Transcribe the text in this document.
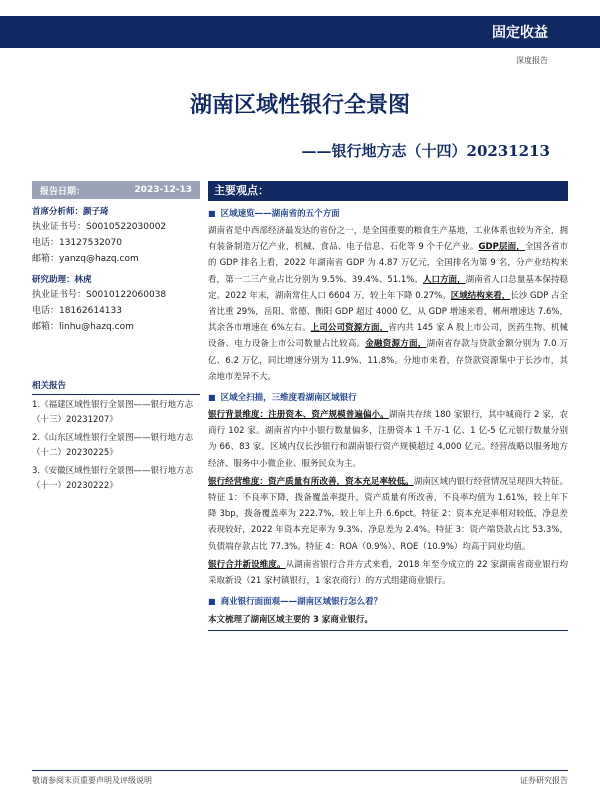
固定收益
深度报告
湖南区域性银行全景图
——银行地方志（十四）20231213
报告日期：	2023-12-13
首席分析师：颜子琦
执业证书号：S0010522030002
电话：13127532070
邮箱：yanzq@hazq.com
研究助理：林虎
执业证书号：S0010122060038
电话：18162614133
邮箱：linhu@hazq.com
相关报告
1.《福建区域性银行全景图——银行地方志（十三）20231207》
2.《山东区域性银行全景图——银行地方志（十二）20230225》
3.《安徽区域性银行全景图——银行地方志（十一）20230222》
主要观点：
■ 区域速览——湖南省的五个方面
湖南省是中西部经济最发达的省份之一，是全国重要的粮食生产基地，工业体系也较为齐全，拥有装备制造万亿产业，机械、食品、电子信息、石化等 9 个千亿产业。GDP层面，全国各省市的 GDP 排名上看，2022 年湖南省 GDP 为 4.87 万亿元，全国排名为第 9 名，分产业结构来看，第一二三产业占比分别为 9.5%、39.4%、51.1%。人口方面，湖南省人口总量基本保持稳定。2022 年末，湖南常住人口 6604 万，较上年下降 0.27%。区域结构来看，长沙 GDP 占全省比重 29%，岳阳、常德、衡阳 GDP 超过 4000 亿，从 GDP 增速来看，郴州增速达 7.6%，其余各市增速在 6%左右。上司公司资源方面，省内共 145 家 A 股上市公司，医药生物、机械设备、电力设备上市公司数量占比较高。金融资源方面，湖南省存款与贷款金额分别为 7.0 万亿、6.2 万亿，同比增速分别为 11.9%、11.8%。分地市来看，存贷款资源集中于长沙市，其余地市差异不大。
■ 区域全扫描，三维度看湖南区域银行
银行背景维度：注册资本、资产规模普遍偏小。湖南共存续 180 家银行，其中城商行 2 家，农商行 102 家。湖南省内中小银行数量偏多，注册资本 1 千万-1 亿、1 亿-5 亿元银行数量分别为 66、83 家。区域内仅长沙银行和湖南银行资产规模超过 4,000 亿元。经营战略以服务地方经济、服务中小微企业、服务民众为主。
银行经营维度：资产质量有所改善，资本充足率较低。湖南区域内银行经营情况呈现四大特征。特征 1：不良率下降，拨备覆盖率提升，资产质量有所改善，不良率均值为 1.61%，较上年下降 3bp，拨备覆盖率为 222.7%，较上年上升 6.6pct。特征 2：资本充足率相对较低，净息差表现较好，2022 年资本充足率为 9.3%、净息差为 2.4%。特征 3：资产端贷款占比 53.3%，负债端存款占比 77.3%。特征 4：ROA（0.9%）、ROE（10.9%）均高于同业均值。
银行合并新设维度。从湖南省银行合并方式来看，2018 年至今成立的 22 家湖南省商业银行均采取新设（21 家村镇银行，1 家农商行）的方式组建商业银行。
■ 商业银行面面观——湖南区域银行怎么看？
本文梳理了湖南区域主要的 3 家商业银行。
敬请参阅末页重要声明及评级说明	证券研究报告
